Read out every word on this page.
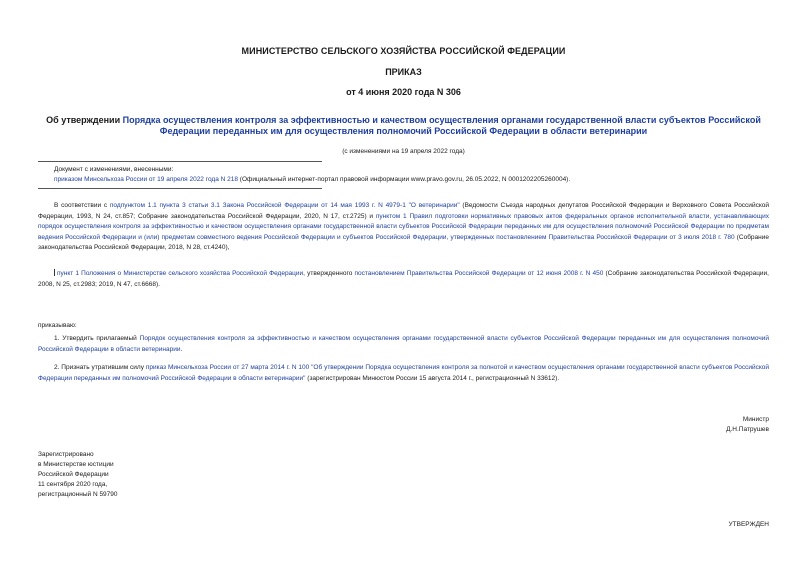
МИНИСТЕРСТВО СЕЛЬСКОГО ХОЗЯЙСТВА РОССИЙСКОЙ ФЕДЕРАЦИИ
ПРИКАЗ
от 4 июня 2020 года N 306
Об утверждении Порядка осуществления контроля за эффективностью и качеством осуществления органами государственной власти субъектов Российской Федерации переданных им для осуществления полномочий Российской Федерации в области ветеринарии
(с изменениями на 19 апреля 2022 года)
Документ с изменениями, внесенными:
приказом Минсельхоза России от 19 апреля 2022 года N 218 (Официальный интернет-портал правовой информации www.pravo.gov.ru, 26.05.2022, N 0001202205260004).
В соответствии с подпунктом 1.1 пункта 3 статьи 3.1 Закона Российской Федерации от 14 мая 1993 г. N 4979-1 "О ветеринарии" (Ведомости Съезда народных депутатов Российской Федерации и Верховного Совета Российской Федерации, 1993, N 24, ст.857; Собрание законодательства Российской Федерации, 2020, N 17, ст.2725) и пунктом 1 Правил подготовки нормативных правовых актов федеральных органов исполнительной власти, устанавливающих порядок осуществления контроля за эффективностью и качеством осуществления органами государственной власти субъектов Российской Федерации переданных им для осуществления полномочий Российской Федерации по предметам ведения Российской Федерации и (или) предметам совместного ведения Российской Федерации и субъектов Российской Федерации, утвержденных постановлением Правительства Российской Федерации от 3 июля 2018 г. 780 (Собрание законодательства Российской Федерации, 2018, N 28, ст.4240),
пункт 1 Положения о Министерстве сельского хозяйства Российской Федерации, утвержденного постановлением Правительства Российской Федерации от 12 июня 2008 г. N 450 (Собрание законодательства Российской Федерации, 2008, N 25, ст.2983; 2019, N 47, ст.6668).
приказываю:
1. Утвердить прилагаемый Порядок осуществления контроля за эффективностью и качеством осуществления органами государственной власти субъектов Российской Федерации переданных им для осуществления полномочий Российской Федерации в области ветеринарии.
2. Признать утратившим силу приказ Минсельхоза России от 27 марта 2014 г. N 100 "Об утверждении Порядка осуществления контроля за полнотой и качеством осуществления органами государственной власти субъектов Российской Федерации переданных им полномочий Российской Федерации в области ветеринарии" (зарегистрирован Минюстом России 15 августа 2014 г., регистрационный N 33612).
Министр
Д.Н.Патрушев
Зарегистрировано
в Министерстве юстиции
Российской Федерации
11 сентября 2020 года,
регистрационный N 59790
УТВЕРЖДЕН
